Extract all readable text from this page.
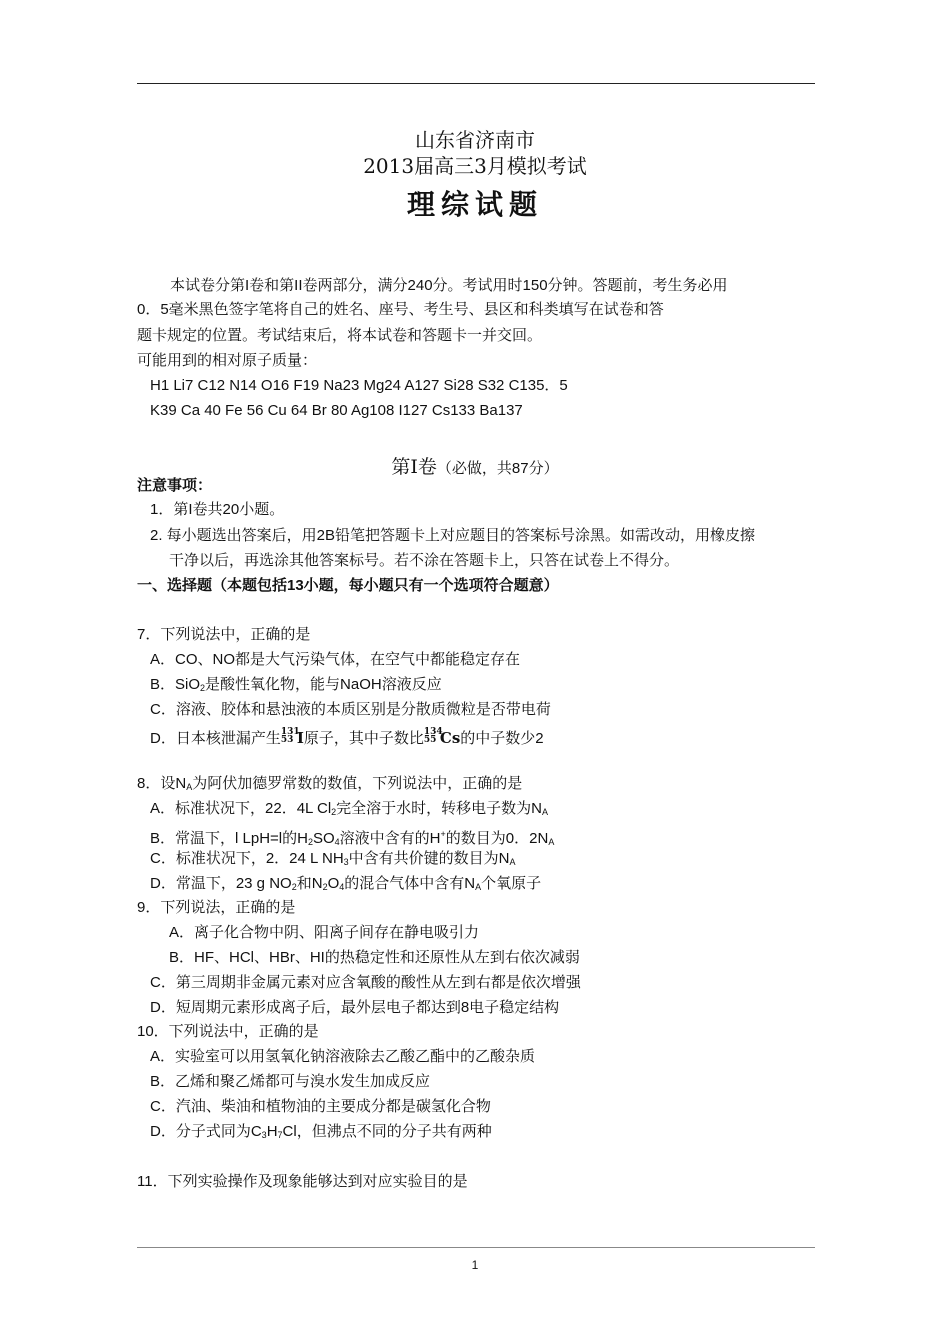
山东省济南市
2013届高三3月模拟考试
理综试题
本试卷分第I卷和第II卷两部分，满分240分。考试用时150分钟。答题前，考生务必用
0．5毫米黑色签字笔将自己的姓名、座号、考生号、县区和科类填写在试卷和答
题卡规定的位置。考试结束后，将本试卷和答题卡一并交回。
可能用到的相对原子质量：
H1 Li7 C12 N14 O16 F19 Na23 Mg24 A127 Si28 S32 C135．5
K39 Ca 40 Fe 56 Cu 64 Br 80 Ag108 I127 Cs133 Ba137
第Ⅰ卷（必做，共87分）
注意事项：
1．第I卷共20小题。
2. 每小题选出答案后，用2B铅笔把答题卡上对应题目的答案标号涂黑。如需改动，用橡皮擦
干净以后，再选涂其他答案标号。若不涂在答题卡上，只答在试卷上不得分。
一、选择题（本题包括13小题，每小题只有一个选项符合题意）
7．下列说法中，正确的是
A．CO、NO都是大气污染气体，在空气中都能稳定存在
B．SiO$_2$是酸性氧化物，能与NaOH溶液反应
C．溶液、胶体和悬浊液的本质区别是分散质微粒是否带电荷
D．日本核泄漏产生 131
53 I原子，其中子数比 134
55 Cs的中子数少2
8．设$N_A$为阿伏加德罗常数的数值，下列说法中，正确的是
A．标准状况下，22．4L $Cl_2$完全溶于水时，转移电子数为$N_A$
B．常温下，l LpH=l的$H_2SO_4$溶液中含有的H+的数目为0．$2N_A$
C．标准状况下，2．24 L $NH_3$中含有共价键的数目为$N_A$
D．常温下，23 g $NO_2$和$N_2O_4$的混合气体中含有$N_A$个氧原子
9．下列说法，正确的是
A．离子化合物中阴、阳离子间存在静电吸引力
B．HF、HCl、HBr、HI的热稳定性和还原性从左到右依次减弱
C．第三周期非金属元素对应含氧酸的酸性从左到右都是依次增强
D．短周期元素形成离子后，最外层电子都达到8电子稳定结构
10．下列说法中，正确的是
A．实验室可以用氢氧化钠溶液除去乙酸乙酯中的乙酸杂质
B．乙烯和聚乙烯都可与溴水发生加成反应
C．汽油、柴油和植物油的主要成分都是碳氢化合物
D．分子式同为$C_3H_7Cl$，但沸点不同的分子共有两种
11．下列实验操作及现象能够达到对应实验目的是
1
